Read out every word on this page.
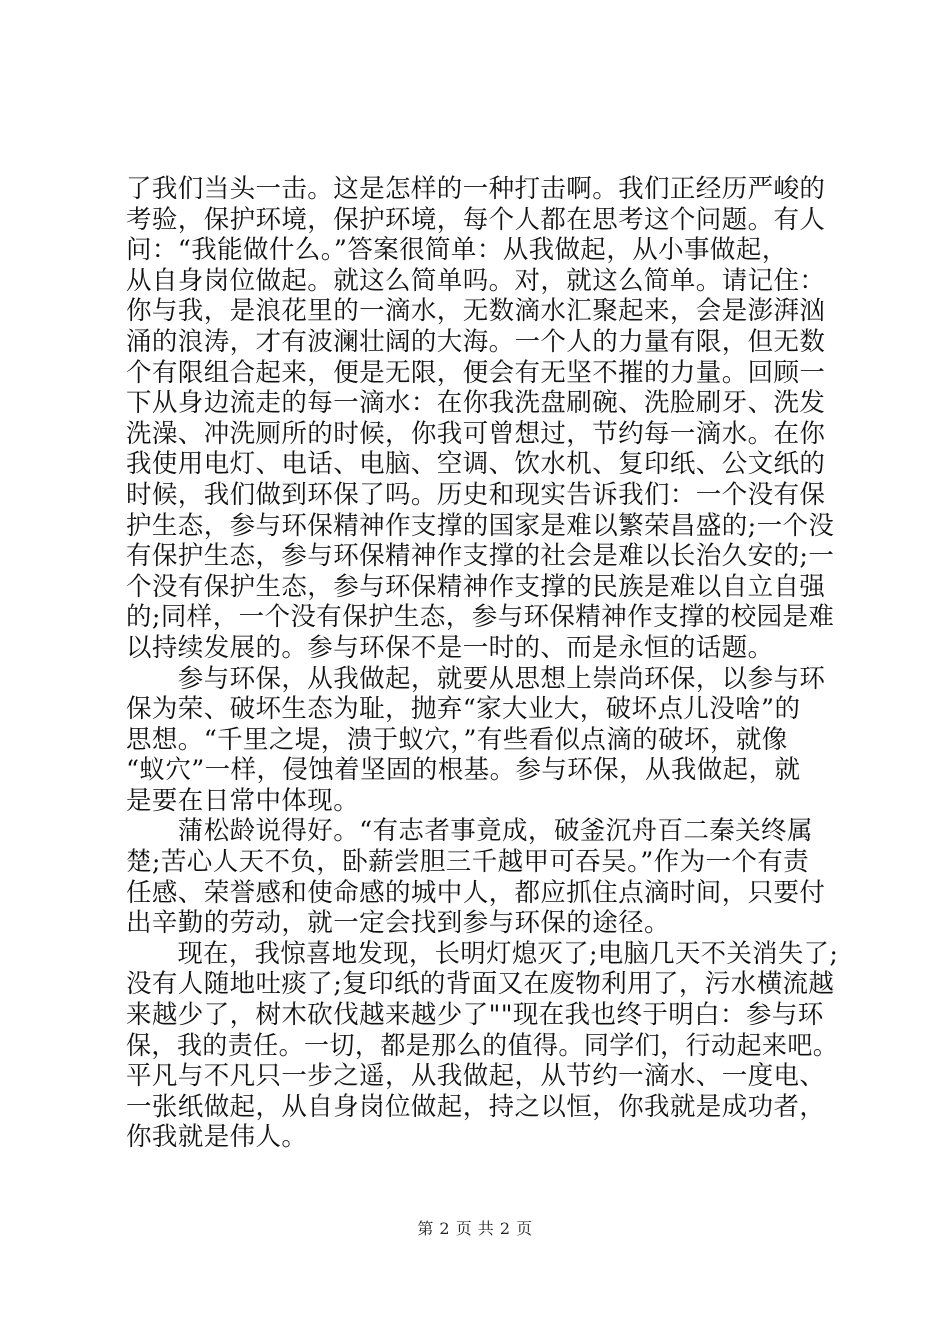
了我们当头一击。这是怎样的一种打击啊。我们正经历严峻的
考验，保护环境，保护环境，每个人都在思考这个问题。有人
问：“我能做什么。”答案很简单：从我做起，从小事做起，
从自身岗位做起。就这么简单吗。对，就这么简单。请记住：
你与我，是浪花里的一滴水，无数滴水汇聚起来，会是澎湃汹
涌的浪涛，才有波澜壮阔的大海。一个人的力量有限，但无数
个有限组合起来，便是无限，便会有无坚不摧的力量。回顾一
下从身边流走的每一滴水：在你我洗盘刷碗、洗脸刷牙、洗发
洗澡、冲洗厕所的时候，你我可曾想过，节约每一滴水。在你
我使用电灯、电话、电脑、空调、饮水机、复印纸、公文纸的
时候，我们做到环保了吗。历史和现实告诉我们：一个没有保
护生态，参与环保精神作支撑的国家是难以繁荣昌盛的;一个没
有保护生态，参与环保精神作支撑的社会是难以长治久安的;一
个没有保护生态，参与环保精神作支撑的民族是难以自立自强
的;同样，一个没有保护生态，参与环保精神作支撑的校园是难
以持续发展的。参与环保不是一时的、而是永恒的话题。
　　参与环保，从我做起，就要从思想上崇尚环保，以参与环
保为荣、破坏生态为耻，抛弃“家大业大，破坏点儿没啥”的
思想。“千里之堤，溃于蚁穴，”有些看似点滴的破坏，就像
“蚁穴”一样，侵蚀着坚固的根基。参与环保，从我做起，就
是要在日常中体现。
　　蒲松龄说得好。“有志者事竟成，破釜沉舟百二秦关终属
楚;苦心人天不负，卧薪尝胆三千越甲可吞吴。”作为一个有责
任感、荣誉感和使命感的城中人，都应抓住点滴时间，只要付
出辛勤的劳动，就一定会找到参与环保的途径。
　　现在，我惊喜地发现，长明灯熄灭了;电脑几天不关消失了;
没有人随地吐痰了;复印纸的背面又在废物利用了，污水横流越
来越少了，树木砍伐越来越少了""现在我也终于明白：参与环
保，我的责任。一切，都是那么的值得。同学们，行动起来吧。
平凡与不凡只一步之遥，从我做起，从节约一滴水、一度电、
一张纸做起，从自身岗位做起，持之以恒，你我就是成功者，
你我就是伟人。
第 2 页 共 2 页
